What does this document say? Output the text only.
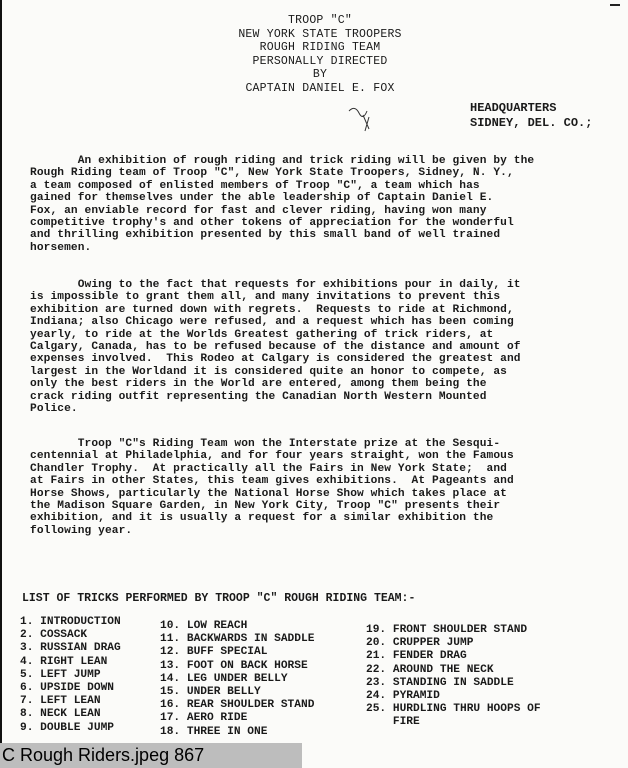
TROOP "C"
NEW YORK STATE TROOPERS
ROUGH RIDING TEAM
PERSONALLY DIRECTED
BY
CAPTAIN DANIEL E. FOX
HEADQUARTERS
SIDNEY, DEL. CO.;
An exhibition of rough riding and trick riding will be given by the
Rough Riding team of Troop "C", New York State Troopers, Sidney, N. Y.,
a team composed of enlisted members of Troop "C", a team which has
gained for themselves under the able leadership of Captain Daniel E.
Fox, an enviable record for fast and clever riding, having won many
competitive trophy's and other tokens of appreciation for the wonderful
and thrilling exhibition presented by this small band of well trained
horsemen.
Owing to the fact that requests for exhibitions pour in daily, it
is impossible to grant them all, and many invitations to prevent this
exhibition are turned down with regrets.  Requests to ride at Richmond,
Indiana; also Chicago were refused, and a request which has been coming
yearly, to ride at the Worlds Greatest gathering of trick riders, at
Calgary, Canada, has to be refused because of the distance and amount of
expenses involved.  This Rodeo at Calgary is considered the greatest and
largest in the Worldand it is considered quite an honor to compete, as
only the best riders in the World are entered, among them being the
crack riding outfit representing the Canadian North Western Mounted
Police.
Troop "C"s Riding Team won the Interstate prize at the Sesqui-
centennial at Philadelphia, and for four years straight, won the Famous
Chandler Trophy.  At practically all the Fairs in New York State;  and
at Fairs in other States, this team gives exhibitions.  At Pageants and
Horse Shows, particularly the National Horse Show which takes place at
the Madison Square Garden, in New York City, Troop "C" presents their
exhibition, and it is usually a request for a similar exhibition the
following year.
LIST OF TRICKS PERFORMED BY TROOP "C" ROUGH RIDING TEAM:-
1. INTRODUCTION
2. COSSACK
3. RUSSIAN DRAG
4. RIGHT LEAN
5. LEFT JUMP
6. UPSIDE DOWN
7. LEFT LEAN
8. NECK LEAN
9. DOUBLE JUMP
10. LOW REACH
11. BACKWARDS IN SADDLE
12. BUFF SPECIAL
13. FOOT ON BACK HORSE
14. LEG UNDER BELLY
15. UNDER BELLY
16. REAR SHOULDER STAND
17. AERO RIDE
18. THREE IN ONE
19. FRONT SHOULDER STAND
20. CRUPPER JUMP
21. FENDER DRAG
22. AROUND THE NECK
23. STANDING IN SADDLE
24. PYRAMID
25. HURDLING THRU HOOPS OF
FIRE
C Rough Riders.jpeg 867
